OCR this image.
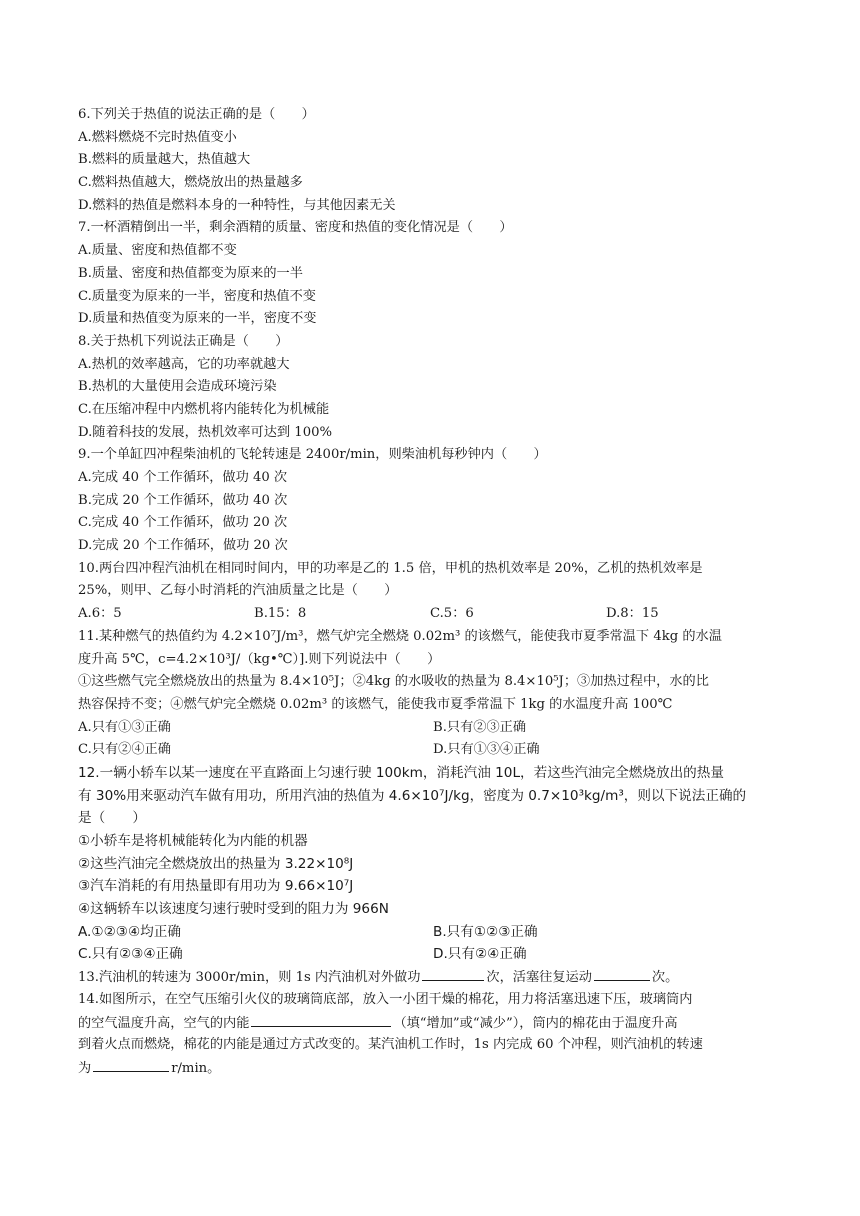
6.下列关于热值的说法正确的是（　　）
A.燃料燃烧不完时热值变小
B.燃料的质量越大，热值越大
C.燃料热值越大，燃烧放出的热量越多
D.燃料的热值是燃料本身的一种特性，与其他因素无关
7.一杯酒精倒出一半，剩余酒精的质量、密度和热值的变化情况是（　　）
A.质量、密度和热值都不变
B.质量、密度和热值都变为原来的一半
C.质量变为原来的一半，密度和热值不变
D.质量和热值变为原来的一半，密度不变
8.关于热机下列说法正确是（　　）
A.热机的效率越高，它的功率就越大
B.热机的大量使用会造成环境污染
C.在压缩冲程中内燃机将内能转化为机械能
D.随着科技的发展，热机效率可达到 100%
9.一个单缸四冲程柴油机的飞轮转速是 2400r/min，则柴油机每秒钟内（　　）
A.完成 40 个工作循环，做功 40 次
B.完成 20 个工作循环，做功 40 次
C.完成 40 个工作循环，做功 20 次
D.完成 20 个工作循环，做功 20 次
10.两台四冲程汽油机在相同时间内，甲的功率是乙的 1.5 倍，甲机的热机效率是 20%，乙机的热机效率是
25%，则甲、乙每小时消耗的汽油质量之比是（　　）
A.6：5	B.15：8	C.5：6	D.8：15
11.某种燃气的热值约为 4.2×10⁷J/m³，燃气炉完全燃烧 0.02m³ 的该燃气，能使我市夏季常温下 4kg 的水温
度升高 5℃，c=4.2×10³J/（kg•℃）].则下列说法中（　　）
①这些燃气完全燃烧放出的热量为 8.4×10⁵J；②4kg 的水吸收的热量为 8.4×10⁵J；③加热过程中，水的比
热容保持不变；④燃气炉完全燃烧 0.02m³ 的该燃气，能使我市夏季常温下 1kg 的水温度升高 100℃
A.只有①③正确	B.只有②③正确
C.只有②④正确	D.只有①③④正确
12.一辆小轿车以某一速度在平直路面上匀速行驶 100km，消耗汽油 10L，若这些汽油完全燃烧放出的热量
有 30%用来驱动汽车做有用功，所用汽油的热值为 4.6×10⁷J/kg，密度为 0.7×10³kg/m³，则以下说法正确的
是（　　）
①小轿车是将机械能转化为内能的机器
②这些汽油完全燃烧放出的热量为 3.22×10⁸J
③汽车消耗的有用热量即有用功为 9.66×10⁷J
④这辆轿车以该速度匀速行驶时受到的阻力为 966N
A.①②③④均正确	B.只有①②③正确
C.只有②③④正确	D.只有②④正确
13.汽油机的转速为 3000r/min，则 1s 内汽油机对外做功	次，活塞往复运动	次。
14.如图所示，在空气压缩引火仪的玻璃筒底部，放入一小团干燥的棉花，用力将活塞迅速下压，玻璃筒内
的空气温度升高，空气的内能	（填“增加”或“减少”），筒内的棉花由于温度升高
到着火点而燃烧，棉花的内能是通过方式改变的。某汽油机工作时，1s 内完成 60 个冲程，则汽油机的转速
为	r/min。
